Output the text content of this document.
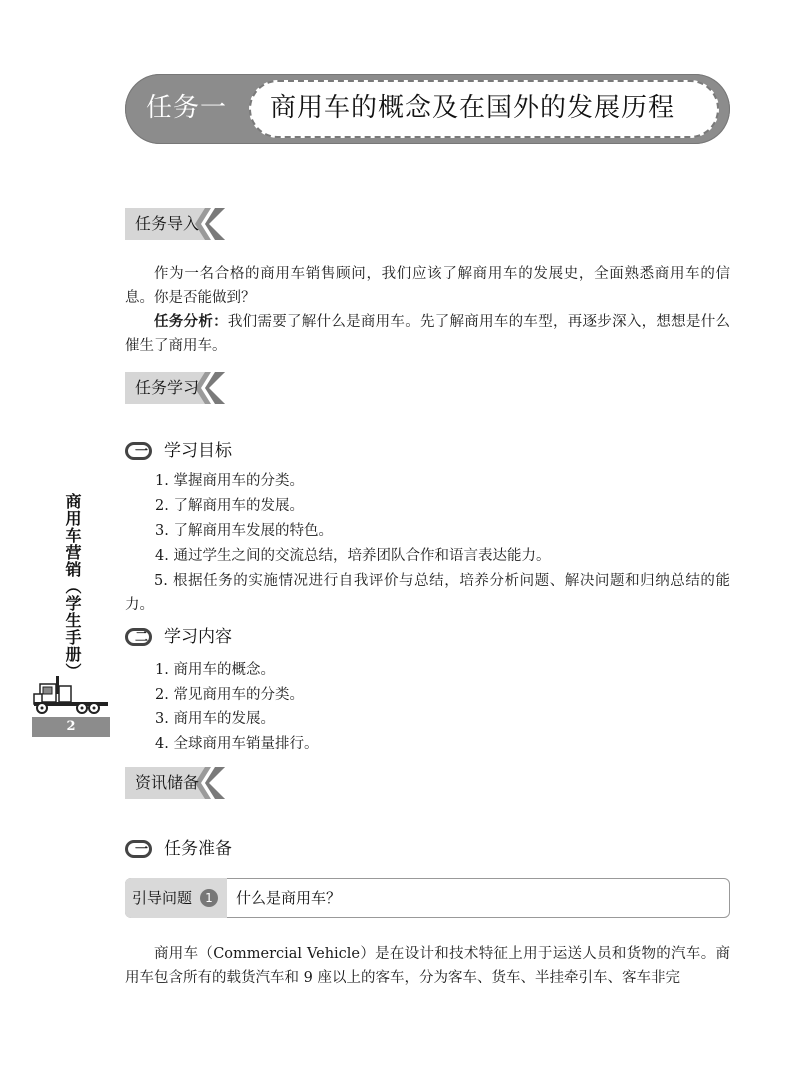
任务一 商用车的概念及在国外的发展历程
任务导入
作为一名合格的商用车销售顾问，我们应该了解商用车的发展史，全面熟悉商用车的信息。你是否能做到？
任务分析：我们需要了解什么是商用车。先了解商用车的车型，再逐步深入，想想是什么催生了商用车。
任务学习
一 学习目标
1. 掌握商用车的分类。
2. 了解商用车的发展。
3. 了解商用车发展的特色。
4. 通过学生之间的交流总结，培养团队合作和语言表达能力。
5. 根据任务的实施情况进行自我评价与总结，培养分析问题、解决问题和归纳总结的能力。
二 学习内容
1. 商用车的概念。
2. 常见商用车的分类。
3. 商用车的发展。
4. 全球商用车销量排行。
资讯储备
一 任务准备
引导问题	1	什么是商用车？
商用车（Commercial Vehicle）是在设计和技术特征上用于运送人员和货物的汽车。商用车包含所有的载货汽车和 9 座以上的客车，分为客车、货车、半挂牵引车、客车非完
商用车营销（学生手册）
2
